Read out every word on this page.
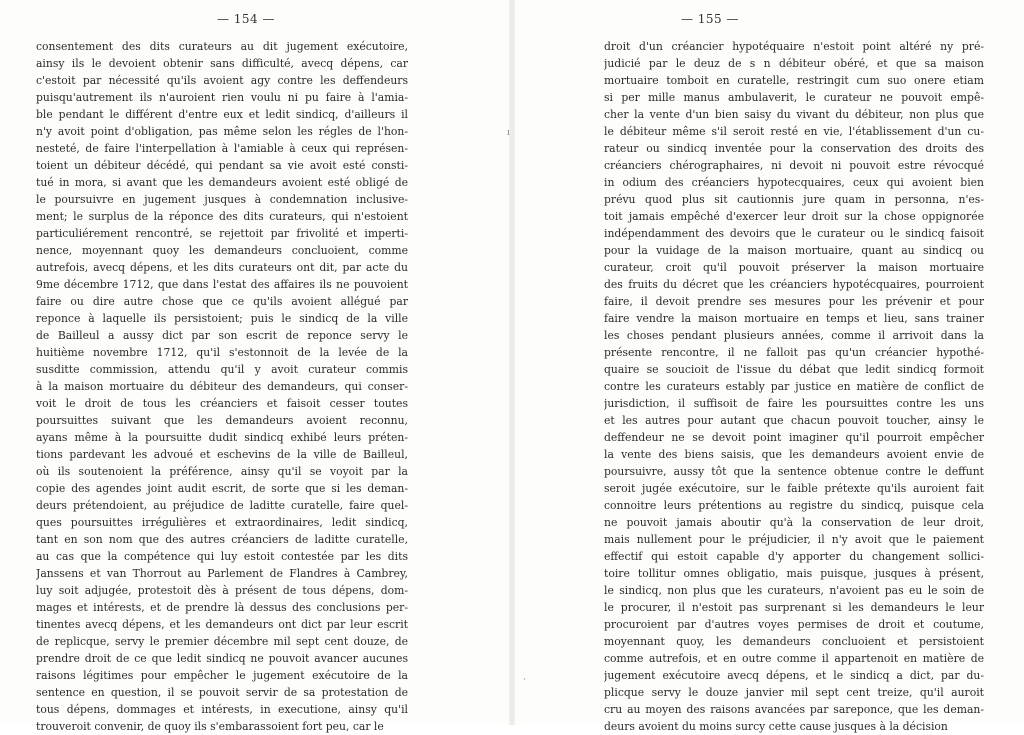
— 154 —
consentement des dits curateurs au dit jugement exécutoire,
ainsy ils le devoient obtenir sans difficulté, avecq dépens, car
c'estoit par nécessité qu'ils avoient agy contre les deffendeurs
puisqu'autrement ils n'auroient rien voulu ni pu faire à l'amia-
ble pendant le différent d'entre eux et ledit sindicq, d'ailleurs il
n'y avoit point d'obligation, pas même selon les régles de l'hon-
nesteté, de faire l'interpellation à l'amiable à ceux qui représen-
toient un débiteur décédé, qui pendant sa vie avoit esté consti-
tué in mora, si avant que les demandeurs avoient esté obligé de
le poursuivre en jugement jusques à condemnation inclusive-
ment; le surplus de la réponce des dits curateurs, qui n'estoient
particuliérement rencontré, se rejettoit par frivolité et imperti-
nence, moyennant quoy les demandeurs concluoient, comme
autrefois, avecq dépens, et les dits curateurs ont dit, par acte du
9me décembre 1712, que dans l'estat des affaires ils ne pouvoient
faire ou dire autre chose que ce qu'ils avoient allégué par
reponce à laquelle ils persistoient; puis le sindicq de la ville
de Bailleul a aussy dict par son escrit de reponce servy le
huitième novembre 1712, qu'il s'estonnoit de la levée de la
susditte commission, attendu qu'il y avoit curateur commis
à la maison mortuaire du débiteur des demandeurs, qui conser-
voit le droit de tous les créanciers et faisoit cesser toutes
poursuittes suivant que les demandeurs avoient reconnu,
ayans même à la poursuitte dudit sindicq exhibé leurs préten-
tions pardevant les advoué et eschevins de la ville de Bailleul,
où ils soutenoient la préférence, ainsy qu'il se voyoit par la
copie des agendes joint audit escrit, de sorte que si les deman-
deurs prétendoient, au préjudice de laditte curatelle, faire quel-
ques poursuittes irrégulières et extraordinaires, ledit sindicq,
tant en son nom que des autres créanciers de laditte curatelle,
au cas que la compétence qui luy estoit contestée par les dits
Janssens et van Thorrout au Parlement de Flandres à Cambrey,
luy soit adjugée, protestoit dès à présent de tous dépens, dom-
mages et intérests, et de prendre là dessus des conclusions per-
tinentes avecq dépens, et les demandeurs ont dict par leur escrit
de replicque, servy le premier décembre mil sept cent douze, de
prendre droit de ce que ledit sindicq ne pouvoit avancer aucunes
raisons légitimes pour empêcher le jugement exécutoire de la
sentence en question, il se pouvoit servir de sa protestation de
tous dépens, dommages et intérests, in executione, ainsy qu'il
trouveroit convenir, de quoy ils s'embarassoient fort peu, car le
— 155 —
droit d'un créancier hypotéquaire n'estoit point altéré ny pré-
judicié par le deuz de s n débiteur obéré, et que sa maison
mortuaire tomboit en curatelle, restringit cum suo onere etiam
si per mille manus ambulaverit, le curateur ne pouvoit empê-
cher la vente d'un bien saisy du vivant du débiteur, non plus que
le débiteur même s'il seroit resté en vie, l'établissement d'un cu-
rateur ou sindicq inventée pour la conservation des droits des
créanciers chérographaires, ni devoit ni pouvoit estre révocqué
in odium des créanciers hypotecquaires, ceux qui avoient bien
prévu quod plus sit cautionnis jure quam in personna, n'es-
toit jamais empêché d'exercer leur droit sur la chose oppignorée
indépendamment des devoirs que le curateur ou le sindicq faisoit
pour la vuidage de la maison mortuaire, quant au sindicq ou
curateur, croit qu'il pouvoit préserver la maison mortuaire
des fruits du décret que les créanciers hypotécquaires, pourroient
faire, il devoit prendre ses mesures pour les prévenir et pour
faire vendre la maison mortuaire en temps et lieu, sans trainer
les choses pendant plusieurs années, comme il arrivoit dans la
présente rencontre, il ne falloit pas qu'un créancier hypothé-
quaire se soucioit de l'issue du débat que ledit sindicq formoit
contre les curateurs estably par justice en matière de conflict de
jurisdiction, il suffisoit de faire les poursuittes contre les uns
et les autres pour autant que chacun pouvoit toucher, ainsy le
deffendeur ne se devoit point imaginer qu'il pourroit empêcher
la vente des biens saisis, que les demandeurs avoient envie de
poursuivre, aussy tôt que la sentence obtenue contre le deffunt
seroit jugée exécutoire, sur le faible prétexte qu'ils auroient fait
connoitre leurs prétentions au registre du sindicq, puisque cela
ne pouvoit jamais aboutir qu'à la conservation de leur droit,
mais nullement pour le préjudicier, il n'y avoit que le paiement
effectif qui estoit capable d'y apporter du changement sollici-
toire tollitur omnes obligatio, mais puisque, jusques à présent,
le sindicq, non plus que les curateurs, n'avoient pas eu le soin de
le procurer, il n'estoit pas surprenant si les demandeurs le leur
procuroient par d'autres voyes permises de droit et coutume,
moyennant quoy, les demandeurs concluoient et persistoient
comme autrefois, et en outre comme il appartenoit en matière de
jugement exécutoire avecq dépens, et le sindicq a dict, par du-
plicque servy le douze janvier mil sept cent treize, qu'il auroit
cru au moyen des raisons avancées par sareponce, que les deman-
deurs avoient du moins surcy cette cause jusques à la décision
ı
·
